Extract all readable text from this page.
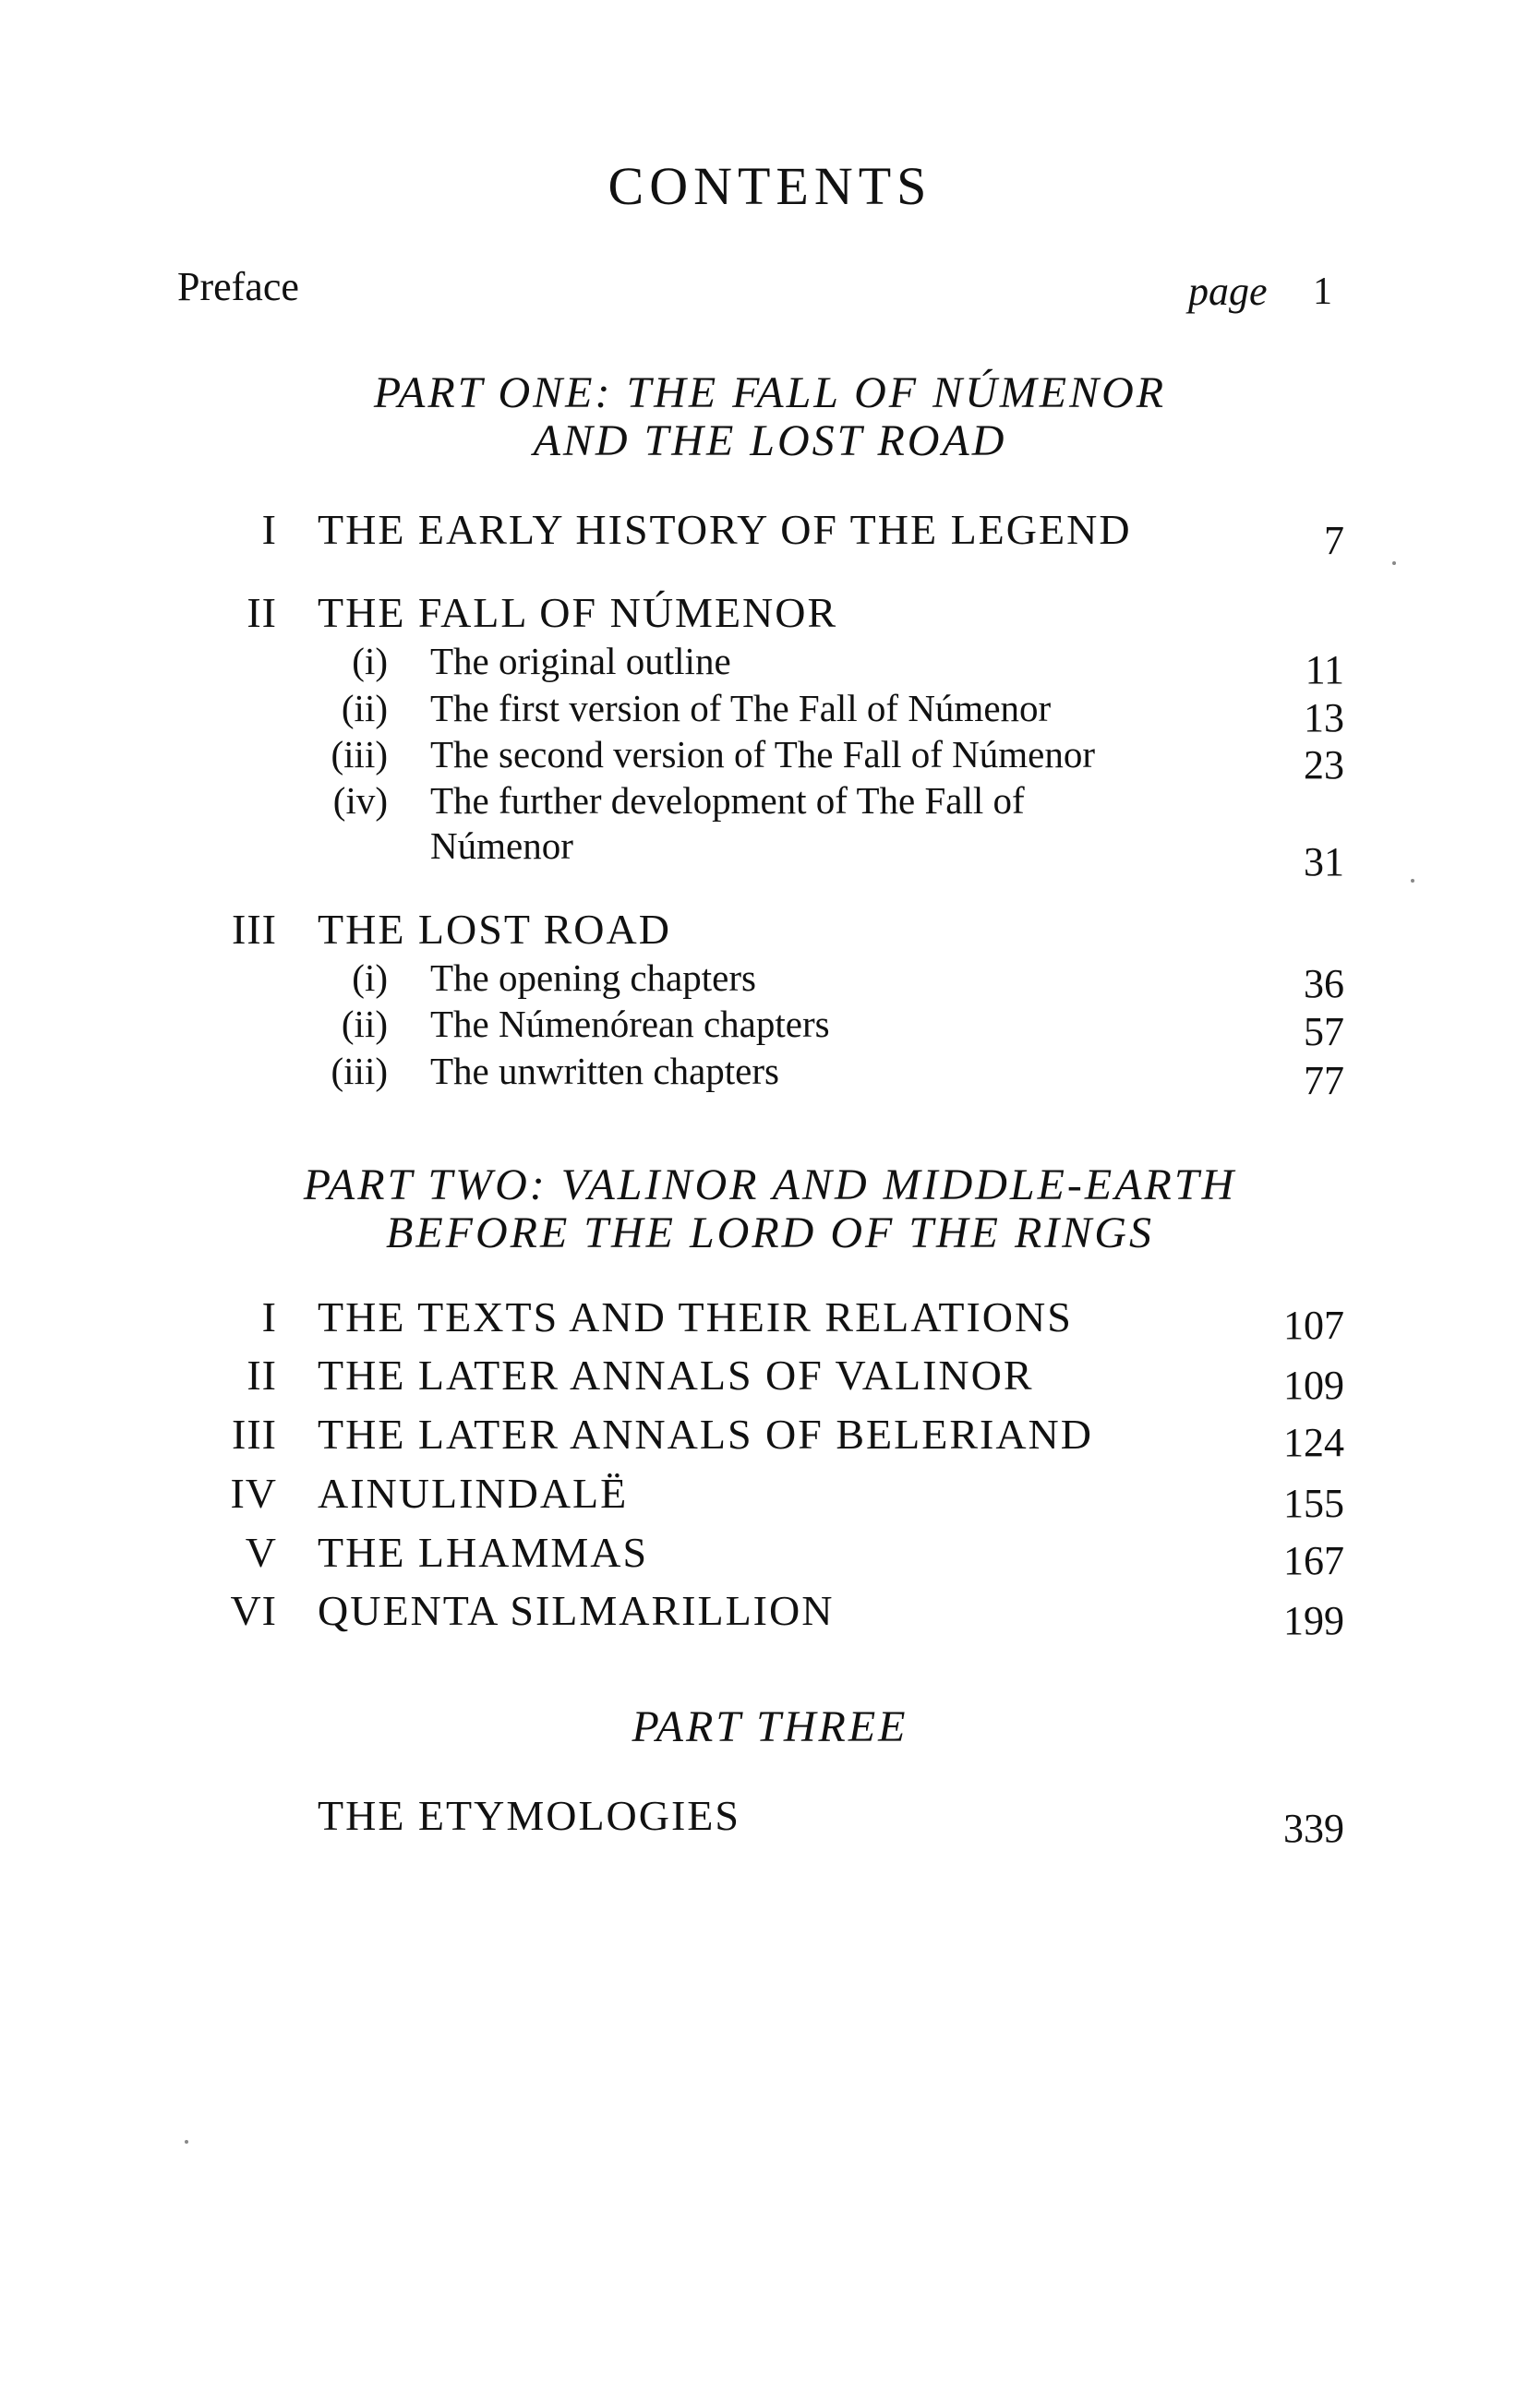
CONTENTS
Preface	page 1
PART ONE: THE FALL OF NÚMENOR
AND THE LOST ROAD
I THE EARLY HISTORY OF THE LEGEND	7
II THE FALL OF NÚMENOR
(i) The original outline	11
(ii) The first version of The Fall of Númenor	13
(iii) The second version of The Fall of Númenor	23
(iv) The further development of The Fall of
Númenor	31
III THE LOST ROAD
(i) The opening chapters	36
(ii) The Númenórean chapters	57
(iii) The unwritten chapters	77
PART TWO: VALINOR AND MIDDLE-EARTH
BEFORE THE LORD OF THE RINGS
I THE TEXTS AND THEIR RELATIONS	107
II THE LATER ANNALS OF VALINOR	109
III THE LATER ANNALS OF BELERIAND	124
IV AINULINDALË	155
V THE LHAMMAS	167
VI QUENTA SILMARILLION	199
PART THREE
THE ETYMOLOGIES	339
